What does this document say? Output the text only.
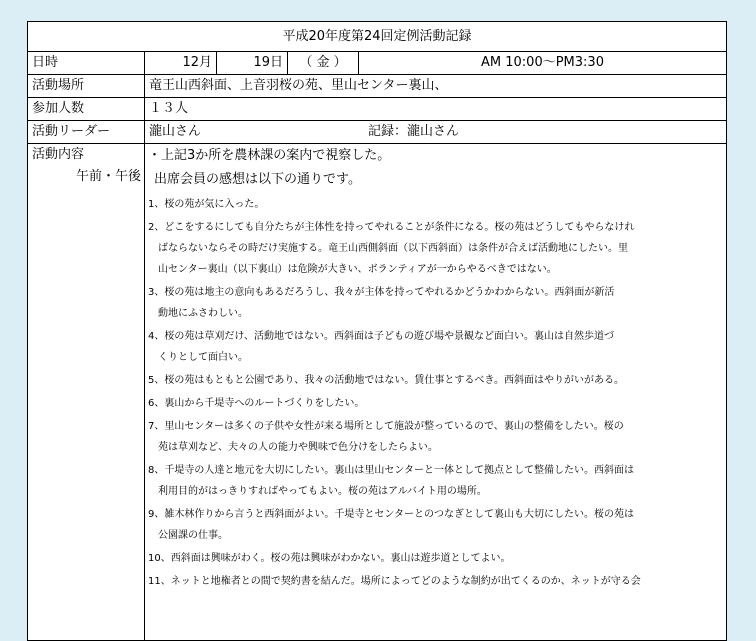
平成20年度第24回定例活動記録
日時	12月	19日	（ 金 ）	AM 10:00～PM3:30
活動場所	竜王山西斜面、上音羽桜の苑、里山センター裏山、
参加人数	１３人
活動リーダー	瀧山さん	記録：瀧山さん
活動内容
午前・午後
・上記3か所を農林課の案内で視察した。
出席会員の感想は以下の通りです。

1、桜の苑が気に入った。

2、どこをするにしても自分たちが主体性を持ってやれることが条件になる。桜の苑はどうしてもやらなけれ

ばならないならその時だけ実施する。竜王山西側斜面（以下西斜面）は条件が合えば活動地にしたい。里

山センター裏山（以下裏山）は危険が大きい、ボランティアが一からやるべきではない。

3、桜の苑は地主の意向もあるだろうし、我々が主体を持ってやれるかどうかわからない。西斜面が新活

動地にふさわしい。

4、桜の苑は草刈だけ、活動地ではない。西斜面は子どもの遊び場や景観など面白い。裏山は自然歩道づ

くりとして面白い。

5、桜の苑はもともと公園であり、我々の活動地ではない。賃仕事とするべき。西斜面はやりがいがある。

6、裏山から千堤寺へのルートづくりをしたい。

7、里山センターは多くの子供や女性が来る場所として施設が整っているので、裏山の整備をしたい。桜の

苑は草刈など、夫々の人の能力や興味で色分けをしたらよい。

8、千堤寺の人達と地元を大切にしたい。裏山は里山センターと一体として拠点として整備したい。西斜面は

利用目的がはっきりすればやってもよい。桜の苑はアルバイト用の場所。

9、雑木林作りから言うと西斜面がよい。千堤寺とセンターとのつなぎとして裏山も大切にしたい。桜の苑は

公園課の仕事。

10、西斜面は興味がわく。桜の苑は興味がわかない。裏山は遊歩道としてよい。

11、ネットと地権者との間で契約書を結んだ。場所によってどのような制約が出てくるのか、ネットが守る会
